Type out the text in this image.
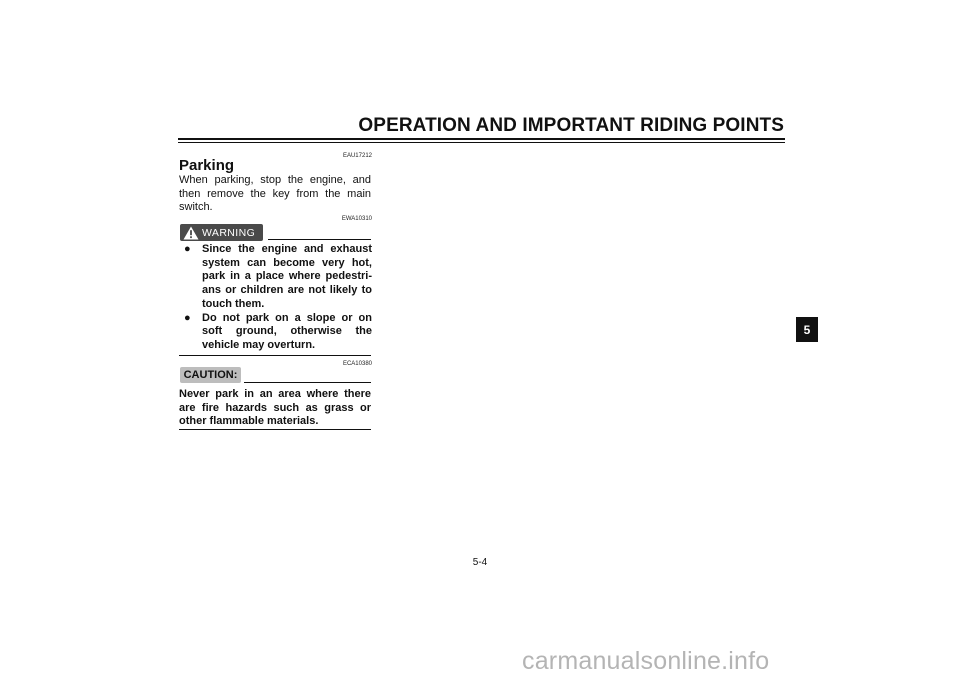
OPERATION AND IMPORTANT RIDING POINTS
EAU17212
Parking
When parking, stop the engine, and then remove the key from the main switch.
EWA10310
WARNING
● Since the engine and exhaust system can become very hot, park in a place where pedestri-ans or children are not likely to touch them.
● Do not park on a slope or on soft ground, otherwise the vehicle may overturn.
ECA10380
CAUTION:
Never park in an area where there are fire hazards such as grass or other flammable materials.
5
5-4
carmanualsonline.info
